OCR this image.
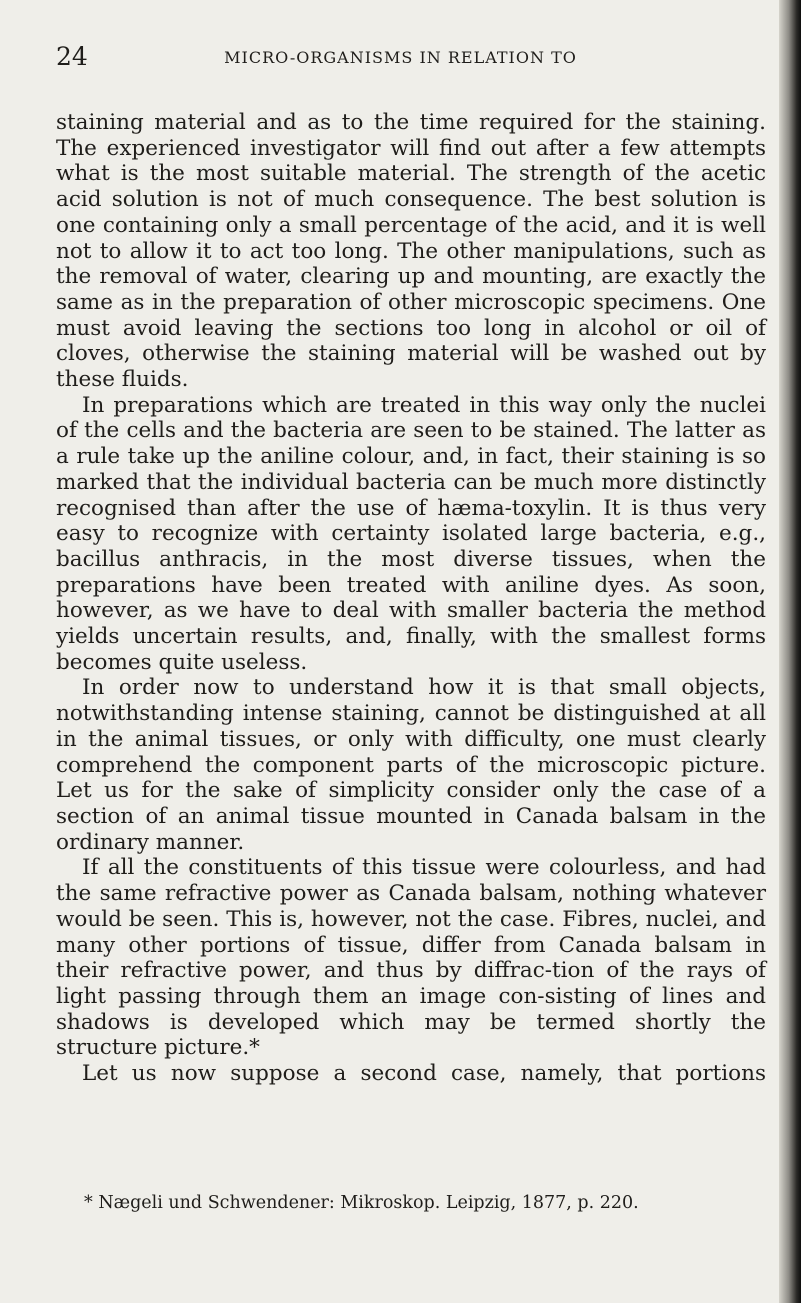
24	MICRO-ORGANISMS IN RELATION TO

staining material and as to the time required for the staining. The experienced investigator will find out after a few attempts what is the most suitable material. The strength of the acetic acid solution is not of much consequence. The best solution is one containing only a small percentage of the acid, and it is well not to allow it to act too long. The other manipulations, such as the removal of water, clearing up and mounting, are exactly the same as in the preparation of other microscopic specimens. One must avoid leaving the sections too long in alcohol or oil of cloves, otherwise the staining material will be washed out by these fluids.

In preparations which are treated in this way only the nuclei of the cells and the bacteria are seen to be stained. The latter as a rule take up the aniline colour, and, in fact, their staining is so marked that the individual bacteria can be much more distinctly recognised than after the use of hæma-toxylin. It is thus very easy to recognize with certainty isolated large bacteria, e.g., bacillus anthracis, in the most diverse tissues, when the preparations have been treated with aniline dyes. As soon, however, as we have to deal with smaller bacteria the method yields uncertain results, and, finally, with the smallest forms becomes quite useless.

In order now to understand how it is that small objects, notwithstanding intense staining, cannot be distinguished at all in the animal tissues, or only with difficulty, one must clearly comprehend the component parts of the microscopic picture. Let us for the sake of simplicity consider only the case of a section of an animal tissue mounted in Canada balsam in the ordinary manner.

If all the constituents of this tissue were colourless, and had the same refractive power as Canada balsam, nothing whatever would be seen. This is, however, not the case. Fibres, nuclei, and many other portions of tissue, differ from Canada balsam in their refractive power, and thus by diffrac-tion of the rays of light passing through them an image con-sisting of lines and shadows is developed which may be termed shortly the structure picture.*

Let us now suppose a second case, namely, that portions

* Nægeli und Schwendener: Mikroskop. Leipzig, 1877, p. 220.
